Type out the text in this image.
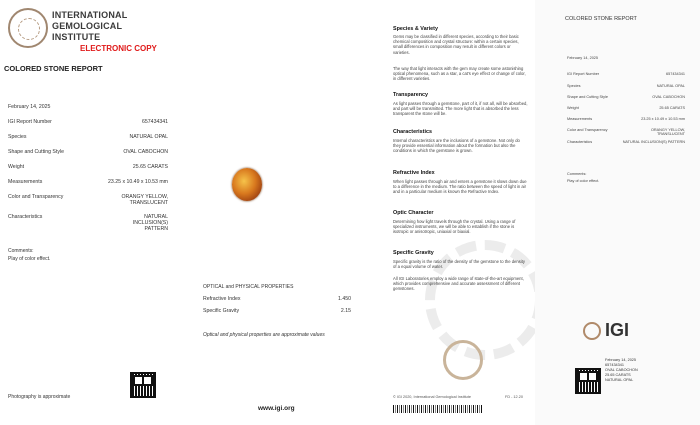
INTERNATIONAL
GEMOLOGICAL
INSTITUTE
ELECTRONIC COPY
COLORED STONE REPORT
February 14, 2025
IGI Report Number	657434341
Species	NATURAL OPAL
Shape and Cutting Style	OVAL CABOCHON
Weight	25.65 CARATS
Measurements	23.25 x 10.49 x 10.53 mm
Color and Transparency	ORANGY YELLOW, TRANSLUCENT
Characteristics	NATURAL INCLUSION(S) PATTERN
Comments:
Play of color effect.
OPTICAL and PHYSICAL PROPERTIES
Refractive Index	1.450
Specific Gravity	2.15
Optical and physical properties are approximate values
Photography is approximate
www.igi.org
Species & Variety
Gems may be classified in different species, according to their basic chemical composition and crystal structure: within a certain species, small differences in composition may result in different colors or varieties.
The way that light interacts with the gem may create some astonishing optical phenomena, such as a star, a cat's eye effect or change of color, in different varieties.
Transparency
As light passes through a gemstone, part of it, if not all, will be absorbed, and part will be transmitted. The more light that is absorbed the less transparent the stone will be.
Characteristics
Internal characteristics are the inclusions of a gemstone. Not only do they provide essential information about the formation but also the conditions in which the gemstone is grown.
Refractive Index
When light passes through air and enters a gemstone it slows down due to a difference in the medium. The ratio between the speed of light in air and in a particular medium is known the Refractive Index.
Optic Character
Determining how light travels through the crystal. Using a range of specialized instruments, we will be able to establish if the stone is isotropic or anisotropic, uniaxial or biaxial.
Specific Gravity
Specific gravity is the ratio of the density of the gemstone to the density of a equal volume of water.
All IGI Laboratories employ a wide range of state-of-the-art equipment, which provides comprehensive and accurate assessment of different gemstones.
© IGI 2020, International Gemological Institute	FD - 12.20
COLORED STONE REPORT
February 14, 2025
IGI Report Number	657434341
Species	NATURAL OPAL
Shape and Cutting Style	OVAL CABOCHON
Weight	25.65 CARATS
Measurements	23.25 x 10.49 x 10.53 mm
Color and Transparency	ORANGY YELLOW, TRANSLUCENT
Characteristics	NATURAL INCLUSION(S) PATTERN
Comments:
Play of color effect.
IGI
February 14, 2025
657434341
OVAL CABOCHON
25.65 CARATS
NATURAL OPAL
